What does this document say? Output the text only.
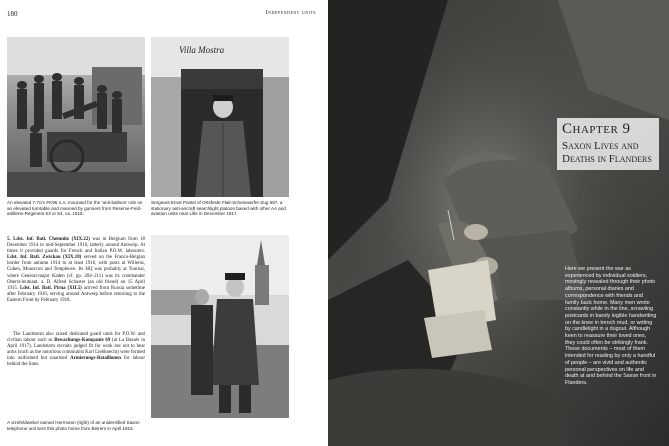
180	Independent units
An elevated 7.7cm FK96 n.A. mounted for the ‘anti-balloon’ role on an elevated turntable and manned by gunners from Reserve-Feld-artillerie-Regiment 53 or 54, ca. 1915.
Villa Mostra
Sergeant Ernst Postel of Ortsfeste Flak-Scheinwerfer-Zug 697, a stationary anti-aircraft searchlight platoon based with other AA and aviation units near Lille in December 1917.
5. Ldst. Inf. Batl. Chemnitz (XIX.22) was in Belgium from 18 December 1914 to mid-September 1916, latterly around Antwerp. At times it provided guards for French and Italian P.O.W. labourers. Ldst. Inf. Batl. Zwickau (XIX.18) served on the Franco-Belgian border from autumn 1914 to at least 1916, with posts at Willems, Cuhen, Mouscron and Templeuve. Its HQ was probably at Tournai, where General-major Kaden (cf. pp. 204–211) was its commander Oberst-leutnant. a. D. Alfred Schuster (an old friend) on 15 April 1915. Ldst. Inf. Batl. Pirna (XII.5) arrived from Russia sometime after February 1916, serving around Antwerp before returning to the Eastern Front by February 1918.
The Landsturm also raised dedicated guard units for P.O.W. and civilian labour such as Bewachungs-Kompanie 69 (at La Bassée in April 1917). Landsturm recruits judged fit for work but not to bear arms (such as the notorious communist Karl Liebknecht) were formed into uniformed but unarmed Armierungs-Bataillonen for labour behind the lines.
A vizefeldwebel named Herrmann (right) of an unidentified Saxon telephone unit sent this photo home from Beirem in April 1915.
Chapter 9
Saxon Lives and Deaths in Flanders
Here we present the war as experienced by individual soldiers, movingly revealed through their photo albums, personal diaries and correspondence with friends and family back home. Many men wrote constantly while in the line, scrawling postcards in barely legible handwriting on the knee in trench mud, or writing by candlelight in a dugout. Although keen to reassure their loved ones, they could often be strikingly frank. These documents – most of them intended for reading by only a handful of people – are vivid and authentic personal perspectives on life and death at and behind the Saxon front in Flanders.
